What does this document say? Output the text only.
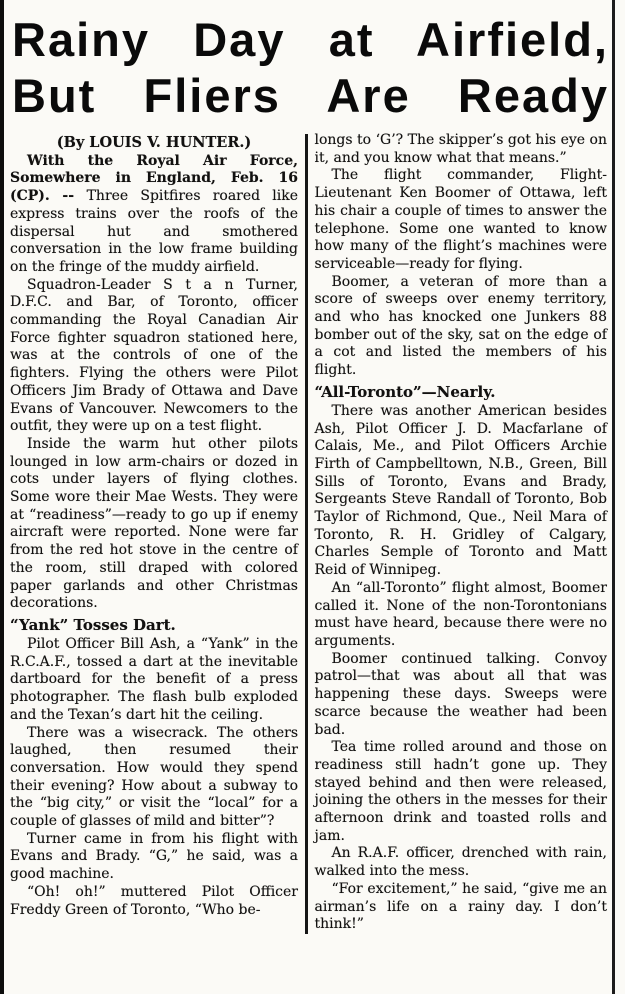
Rainy Day at Airfield,
But Fliers Are Ready

(By LOUIS V. HUNTER.)

With the Royal Air Force, Somewhere in England, Feb. 16 (CP). -- Three Spitfires roared like express trains over the roofs of the dispersal hut and smothered conversation in the low frame building on the fringe of the muddy airfield.

Squadron-Leader S t a n Turner, D.F.C. and Bar, of Toronto, officer commanding the Royal Canadian Air Force fighter squadron stationed here, was at the controls of one of the fighters. Flying the others were Pilot Officers Jim Brady of Ottawa and Dave Evans of Vancouver. Newcomers to the outfit, they were up on a test flight.

Inside the warm hut other pilots lounged in low arm-chairs or dozed in cots under layers of flying clothes. Some wore their Mae Wests. They were at “readiness”—ready to go up if enemy aircraft were reported. None were far from the red hot stove in the centre of the room, still draped with colored paper garlands and other Christmas decorations.

“Yank” Tosses Dart.

Pilot Officer Bill Ash, a “Yank” in the R.C.A.F., tossed a dart at the inevitable dartboard for the benefit of a press photographer. The flash bulb exploded and the Texan’s dart hit the ceiling.

There was a wisecrack. The others laughed, then resumed their conversation. How would they spend their evening? How about a subway to the “big city,” or visit the “local” for a couple of glasses of mild and bitter”?

Turner came in from his flight with Evans and Brady. “G,” he said, was a good machine.

“Oh! oh!” muttered Pilot Officer Freddy Green of Toronto, “Who be-

longs to ‘G’? The skipper’s got his eye on it, and you know what that means.”

The flight commander, Flight-Lieutenant Ken Boomer of Ottawa, left his chair a couple of times to answer the telephone. Some one wanted to know how many of the flight’s machines were serviceable—ready for flying.

Boomer, a veteran of more than a score of sweeps over enemy territory, and who has knocked one Junkers 88 bomber out of the sky, sat on the edge of a cot and listed the members of his flight.

“All-Toronto”—Nearly.

There was another American besides Ash, Pilot Officer J. D. Macfarlane of Calais, Me., and Pilot Officers Archie Firth of Campbelltown, N.B., Green, Bill Sills of Toronto, Evans and Brady, Sergeants Steve Randall of Toronto, Bob Taylor of Richmond, Que., Neil Mara of Toronto, R. H. Gridley of Calgary, Charles Semple of Toronto and Matt Reid of Winnipeg.

An “all-Toronto” flight almost, Boomer called it. None of the non-Torontonians must have heard, because there were no arguments.

Boomer continued talking. Convoy patrol—that was about all that was happening these days. Sweeps were scarce because the weather had been bad.

Tea time rolled around and those on readiness still hadn’t gone up. They stayed behind and then were released, joining the others in the messes for their afternoon drink and toasted rolls and jam.

An R.A.F. officer, drenched with rain, walked into the mess.

“For excitement,” he said, “give me an airman’s life on a rainy day. I don’t think!”
